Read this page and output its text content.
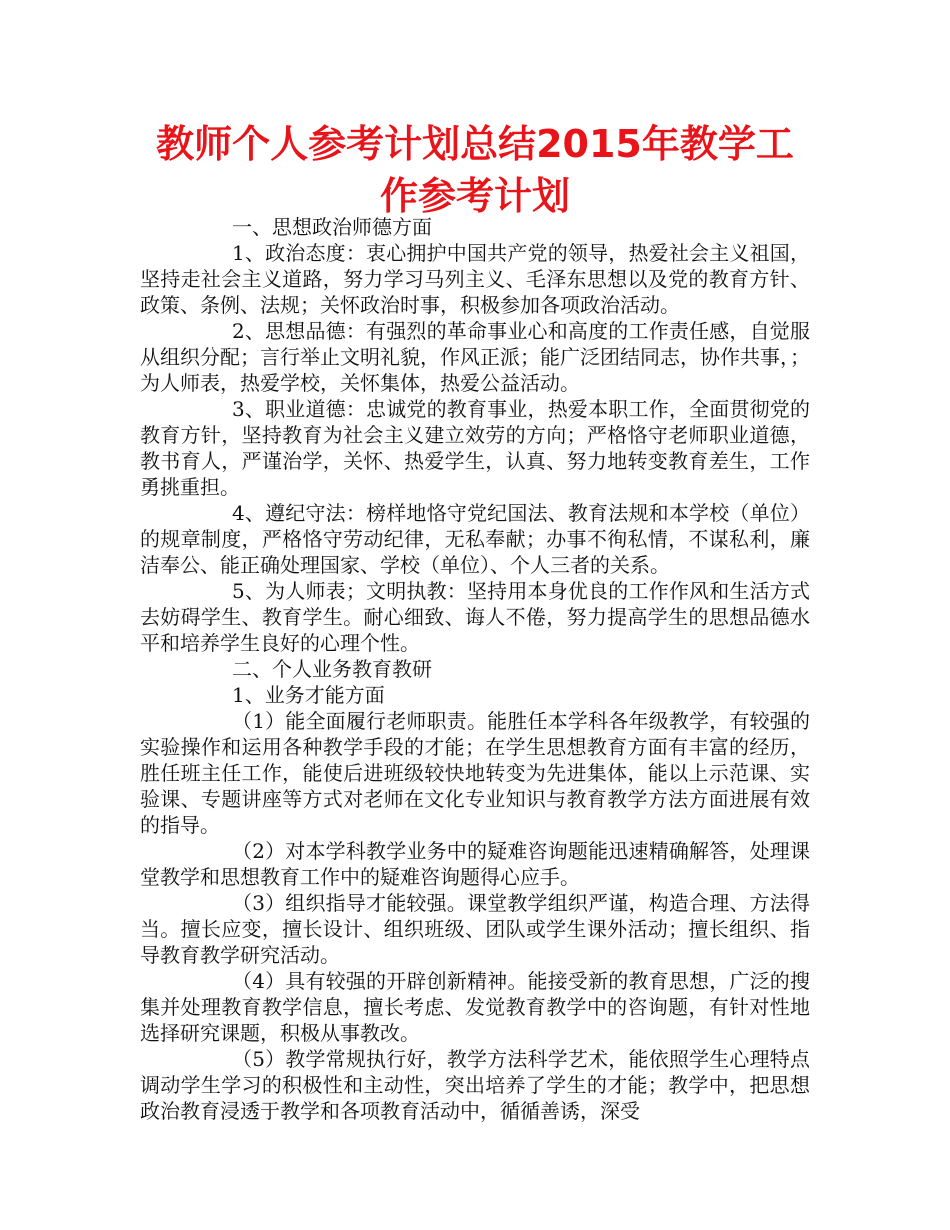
教师个人参考计划总结2015年教学工作参考计划

一、思想政治师德方面

1、政治态度：衷心拥护中国共产党的领导，热爱社会主义祖国，坚持走社会主义道路，努力学习马列主义、毛泽东思想以及党的教育方针、政策、条例、法规；关怀政治时事，积极参加各项政治活动。

2、思想品德：有强烈的革命事业心和高度的工作责任感，自觉服从组织分配；言行举止文明礼貌，作风正派；能广泛团结同志，协作共事，；为人师表，热爱学校，关怀集体，热爱公益活动。

3、职业道德：忠诚党的教育事业，热爱本职工作，全面贯彻党的教育方针，坚持教育为社会主义建立效劳的方向；严格恪守老师职业道德，教书育人，严谨治学，关怀、热爱学生，认真、努力地转变教育差生，工作勇挑重担。

4、遵纪守法：榜样地恪守党纪国法、教育法规和本学校（单位）的规章制度，严格恪守劳动纪律，无私奉献；办事不徇私情，不谋私利，廉洁奉公、能正确处理国家、学校（单位）、个人三者的关系。

5、为人师表；文明执教：坚持用本身优良的工作作风和生活方式去妨碍学生、教育学生。耐心细致、诲人不倦，努力提高学生的思想品德水平和培养学生良好的心理个性。

二、个人业务教育教研

1、业务才能方面

（1）能全面履行老师职责。能胜任本学科各年级教学，有较强的实验操作和运用各种教学手段的才能；在学生思想教育方面有丰富的经历，胜任班主任工作，能使后进班级较快地转变为先进集体，能以上示范课、实验课、专题讲座等方式对老师在文化专业知识与教育教学方法方面进展有效的指导。

（2）对本学科教学业务中的疑难咨询题能迅速精确解答，处理课堂教学和思想教育工作中的疑难咨询题得心应手。

（3）组织指导才能较强。课堂教学组织严谨，构造合理、方法得当。擅长应变，擅长设计、组织班级、团队或学生课外活动；擅长组织、指导教育教学研究活动。

（4）具有较强的开辟创新精神。能接受新的教育思想，广泛的搜集并处理教育教学信息，擅长考虑、发觉教育教学中的咨询题，有针对性地选择研究课题，积极从事教改。

（5）教学常规执行好，教学方法科学艺术，能依照学生心理特点调动学生学习的积极性和主动性，突出培养了学生的才能；教学中，把思想政治教育浸透于教学和各项教育活动中，循循善诱，深受
